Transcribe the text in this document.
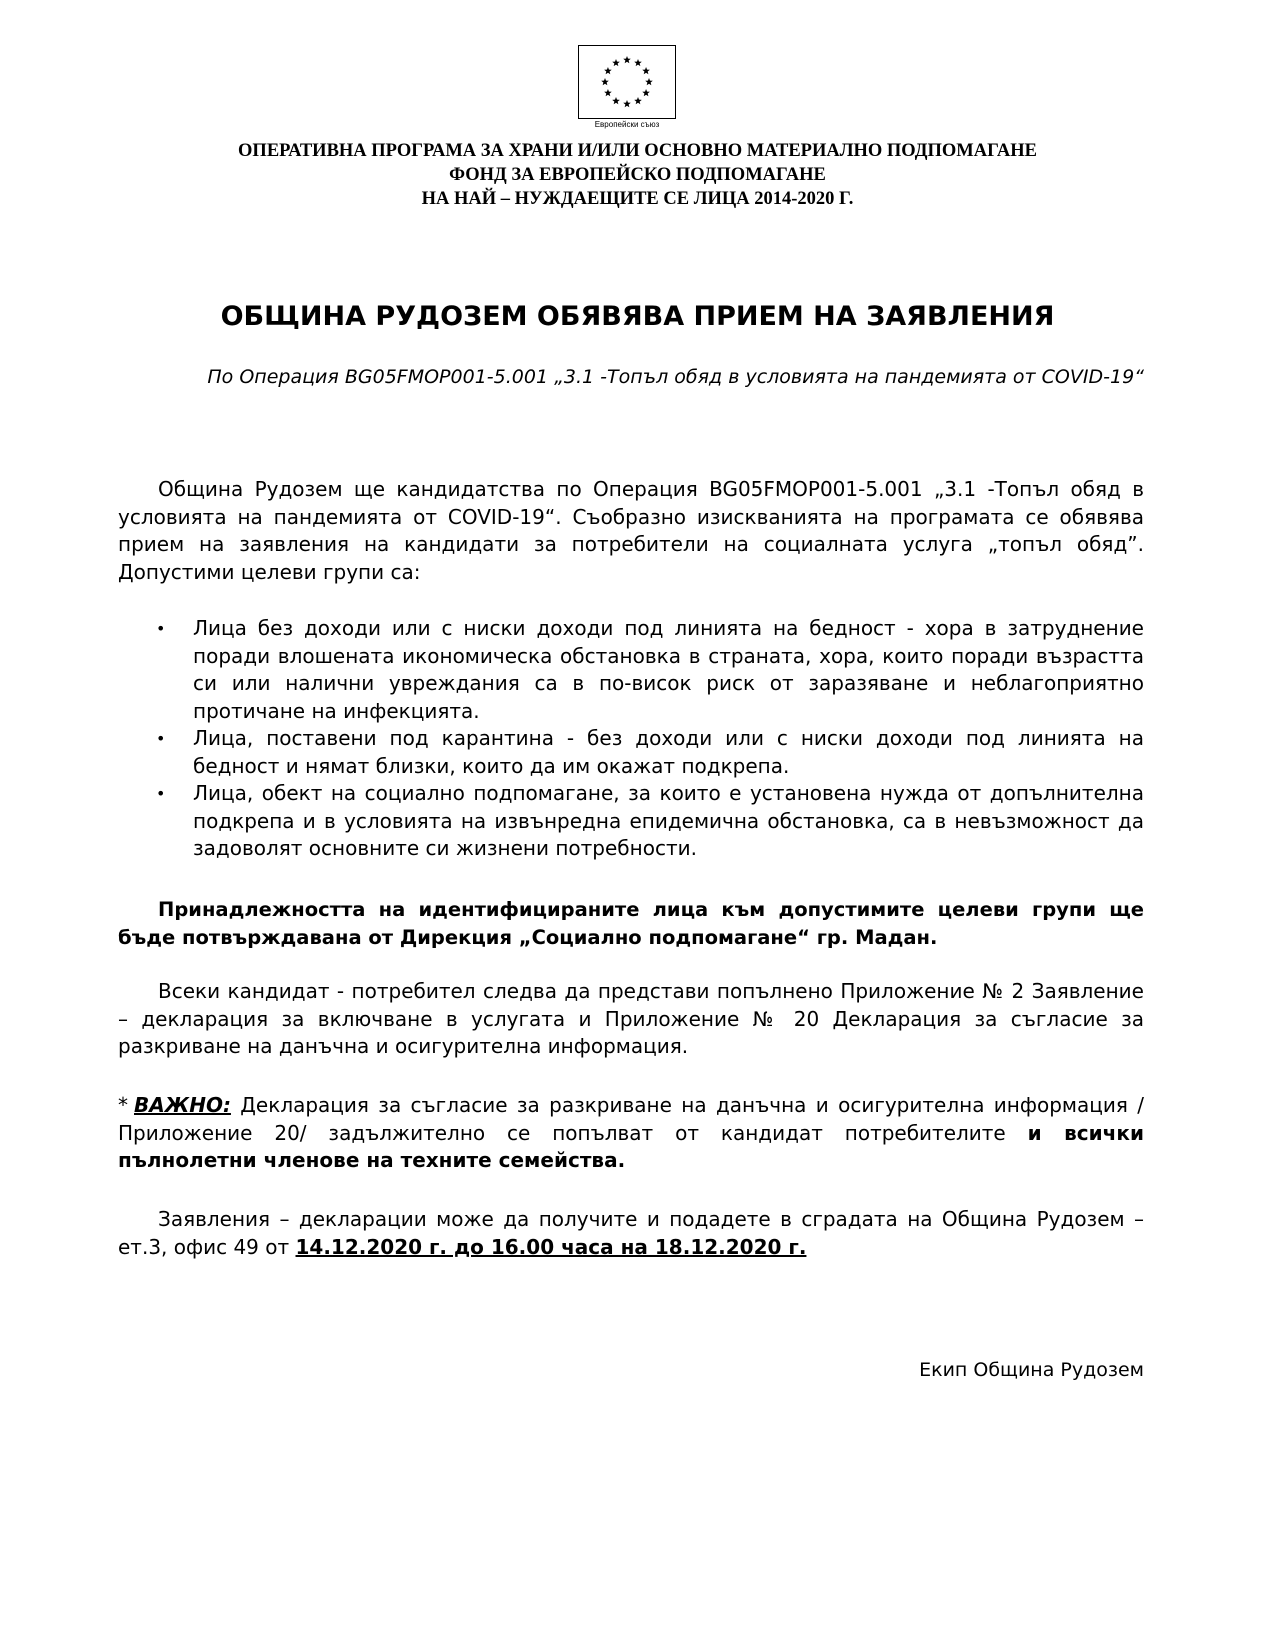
Европейски съюз
ОПЕРАТИВНА ПРОГРАМА ЗА ХРАНИ И/ИЛИ ОСНОВНО МАТЕРИАЛНО ПОДПОМАГАНЕ
ФОНД ЗА ЕВРОПЕЙСКО ПОДПОМАГАНЕ
НА НАЙ – НУЖДАЕЩИТЕ СЕ ЛИЦА 2014-2020 Г.
ОБЩИНА РУДОЗЕМ ОБЯВЯВА ПРИЕМ НА ЗАЯВЛЕНИЯ
По Операция BG05FMOP001-5.001 „3.1 -Топъл обяд в условията на пандемията от COVID-19“
Община Рудозем ще кандидатства по Операция BG05FMOP001-5.001 „3.1 -Топъл обяд в условията на пандемията от COVID-19“. Съобразно изискванията на програмата се обявява прием на заявления на кандидати за потребители на социалната услуга „топъл обяд”. Допустими целеви групи са:
• Лица без доходи или с ниски доходи под линията на бедност - хора в затруднение поради влошената икономическа обстановка в страната, хора, които поради възрастта си или налични увреждания са в по-висок риск от заразяване и неблагоприятно протичане на инфекцията.
• Лица, поставени под карантина - без доходи или с ниски доходи под линията на бедност и нямат близки, които да им окажат подкрепа.
• Лица, обект на социално подпомагане, за които е установена нужда от допълнителна подкрепа и в условията на извънредна епидемична обстановка, са в невъзможност да задоволят основните си жизнени потребности.
Принадлежността на идентифицираните лица към допустимите целеви групи ще бъде потвърждавана от Дирекция „Социално подпомагане“ гр. Мадан.
Всеки кандидат - потребител следва да представи попълнено Приложение № 2 Заявление – декларация за включване в услугата и Приложение № 20 Декларация за съгласие за разкриване на данъчна и осигурителна информация.
* ВАЖНО: Декларация за съгласие за разкриване на данъчна и осигурителна информация /Приложение 20/ задължително се попълват от кандидат потребителите и всички пълнолетни членове на техните семейства.
Заявления – декларации може да получите и подадете в сградата на Община Рудозем – ет.3, офис 49 от 14.12.2020 г. до 16.00 часа на 18.12.2020 г.
Екип Община Рудозем
